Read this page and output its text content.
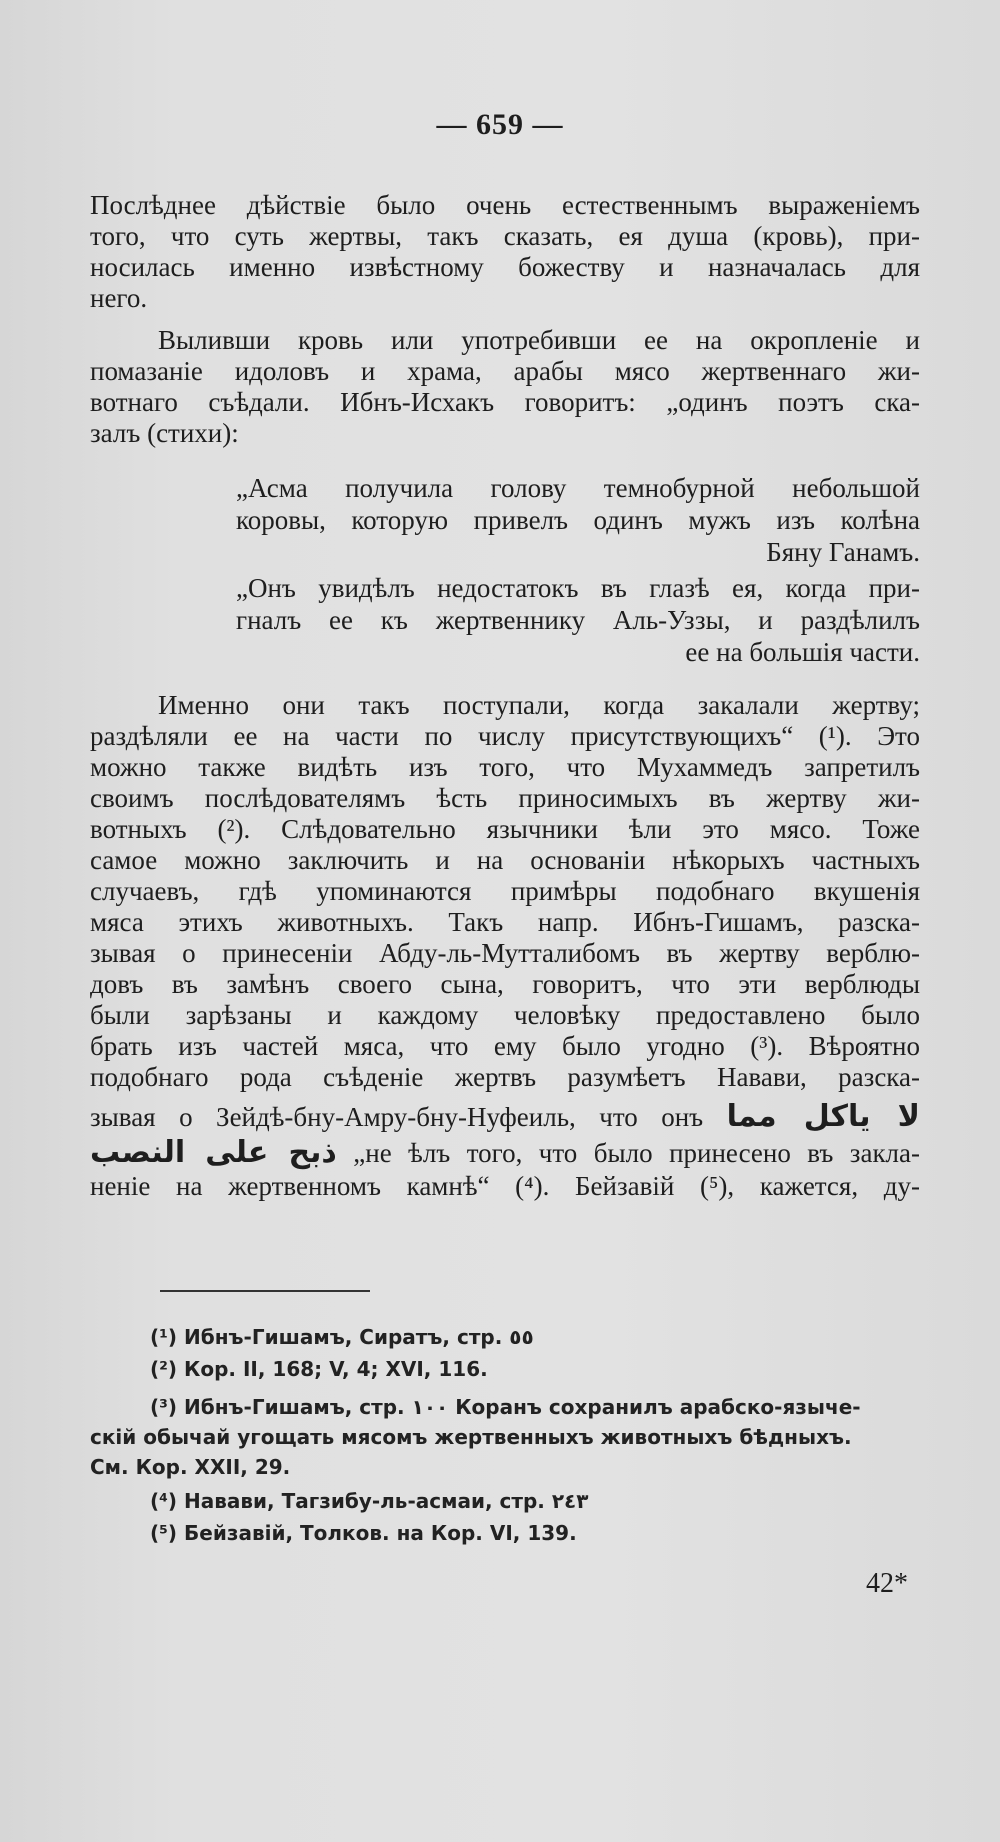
— 659 —
Послѣднее дѣйствіе было очень естественнымъ выраженіемъ
того, что суть жертвы, такъ сказать, ея душа (кровь), при-
носилась именно извѣстному божеству и назначалась для
него.
Выливши кровь или употребивши ее на окропленіе и
помазаніе идоловъ и храма, арабы мясо жертвеннаго жи-
вотнаго съѣдали. Ибнъ-Исхакъ говоритъ: „одинъ поэтъ ска-
залъ (стихи):
„Асма получила голову темнобурной небольшой
коровы, которую привелъ одинъ мужъ изъ колѣна
Бяну Ганамъ.
„Онъ увидѣлъ недостатокъ въ глазѣ ея, когда при-
гналъ ее къ жертвеннику Аль-Уззы, и раздѣлилъ
ее на большія части.
Именно они такъ поступали, когда закалали жертву;
раздѣляли ее на части по числу присутствующихъ“ (¹). Это
можно также видѣть изъ того, что Мухаммедъ запретилъ
своимъ послѣдователямъ ѣсть приносимыхъ въ жертву жи-
вотныхъ (²). Слѣдовательно язычники ѣли это мясо. Тоже
самое можно заключить и на основаніи нѣкорыхъ частныхъ
случаевъ, гдѣ упоминаются примѣры подобнаго вкушенія
мяса этихъ животныхъ. Такъ напр. Ибнъ-Гишамъ, разска-
зывая о принесеніи Абду-ль-Мутталибомъ въ жертву верблю-
довъ въ замѣнъ своего сына, говоритъ, что эти верблюды
были зарѣзаны и каждому человѣку предоставлено было
брать изъ частей мяса, что ему было угодно (³). Вѣроятно
подобнаго рода съѣденіе жертвъ разумѣетъ Навави, разска-
зывая о Зейдѣ-бну-Амру-бну-Нуфеиль, что онъ لا ياكل مما
ذبح على النصب „не ѣлъ того, что было принесено въ закла-
неніе на жертвенномъ камнѣ“ (⁴). Бейзавій (⁵), кажется, ду-
(¹) Ибнъ-Гишамъ, Сиратъ, стр. ٥٥
(²) Кор. II, 168; V, 4; XVI, 116.
(³) Ибнъ-Гишамъ, стр. ١٠٠ Коранъ сохранилъ арабско-языче-
скій обычай угощать мясомъ жертвенныхъ животныхъ бѣдныхъ.
См. Кор. XXII, 29.
(⁴) Навави, Тагзибу-ль-асмаи, стр. ٢٤٣
(⁵) Бейзавій, Толков. на Кор. VI, 139.
42*
